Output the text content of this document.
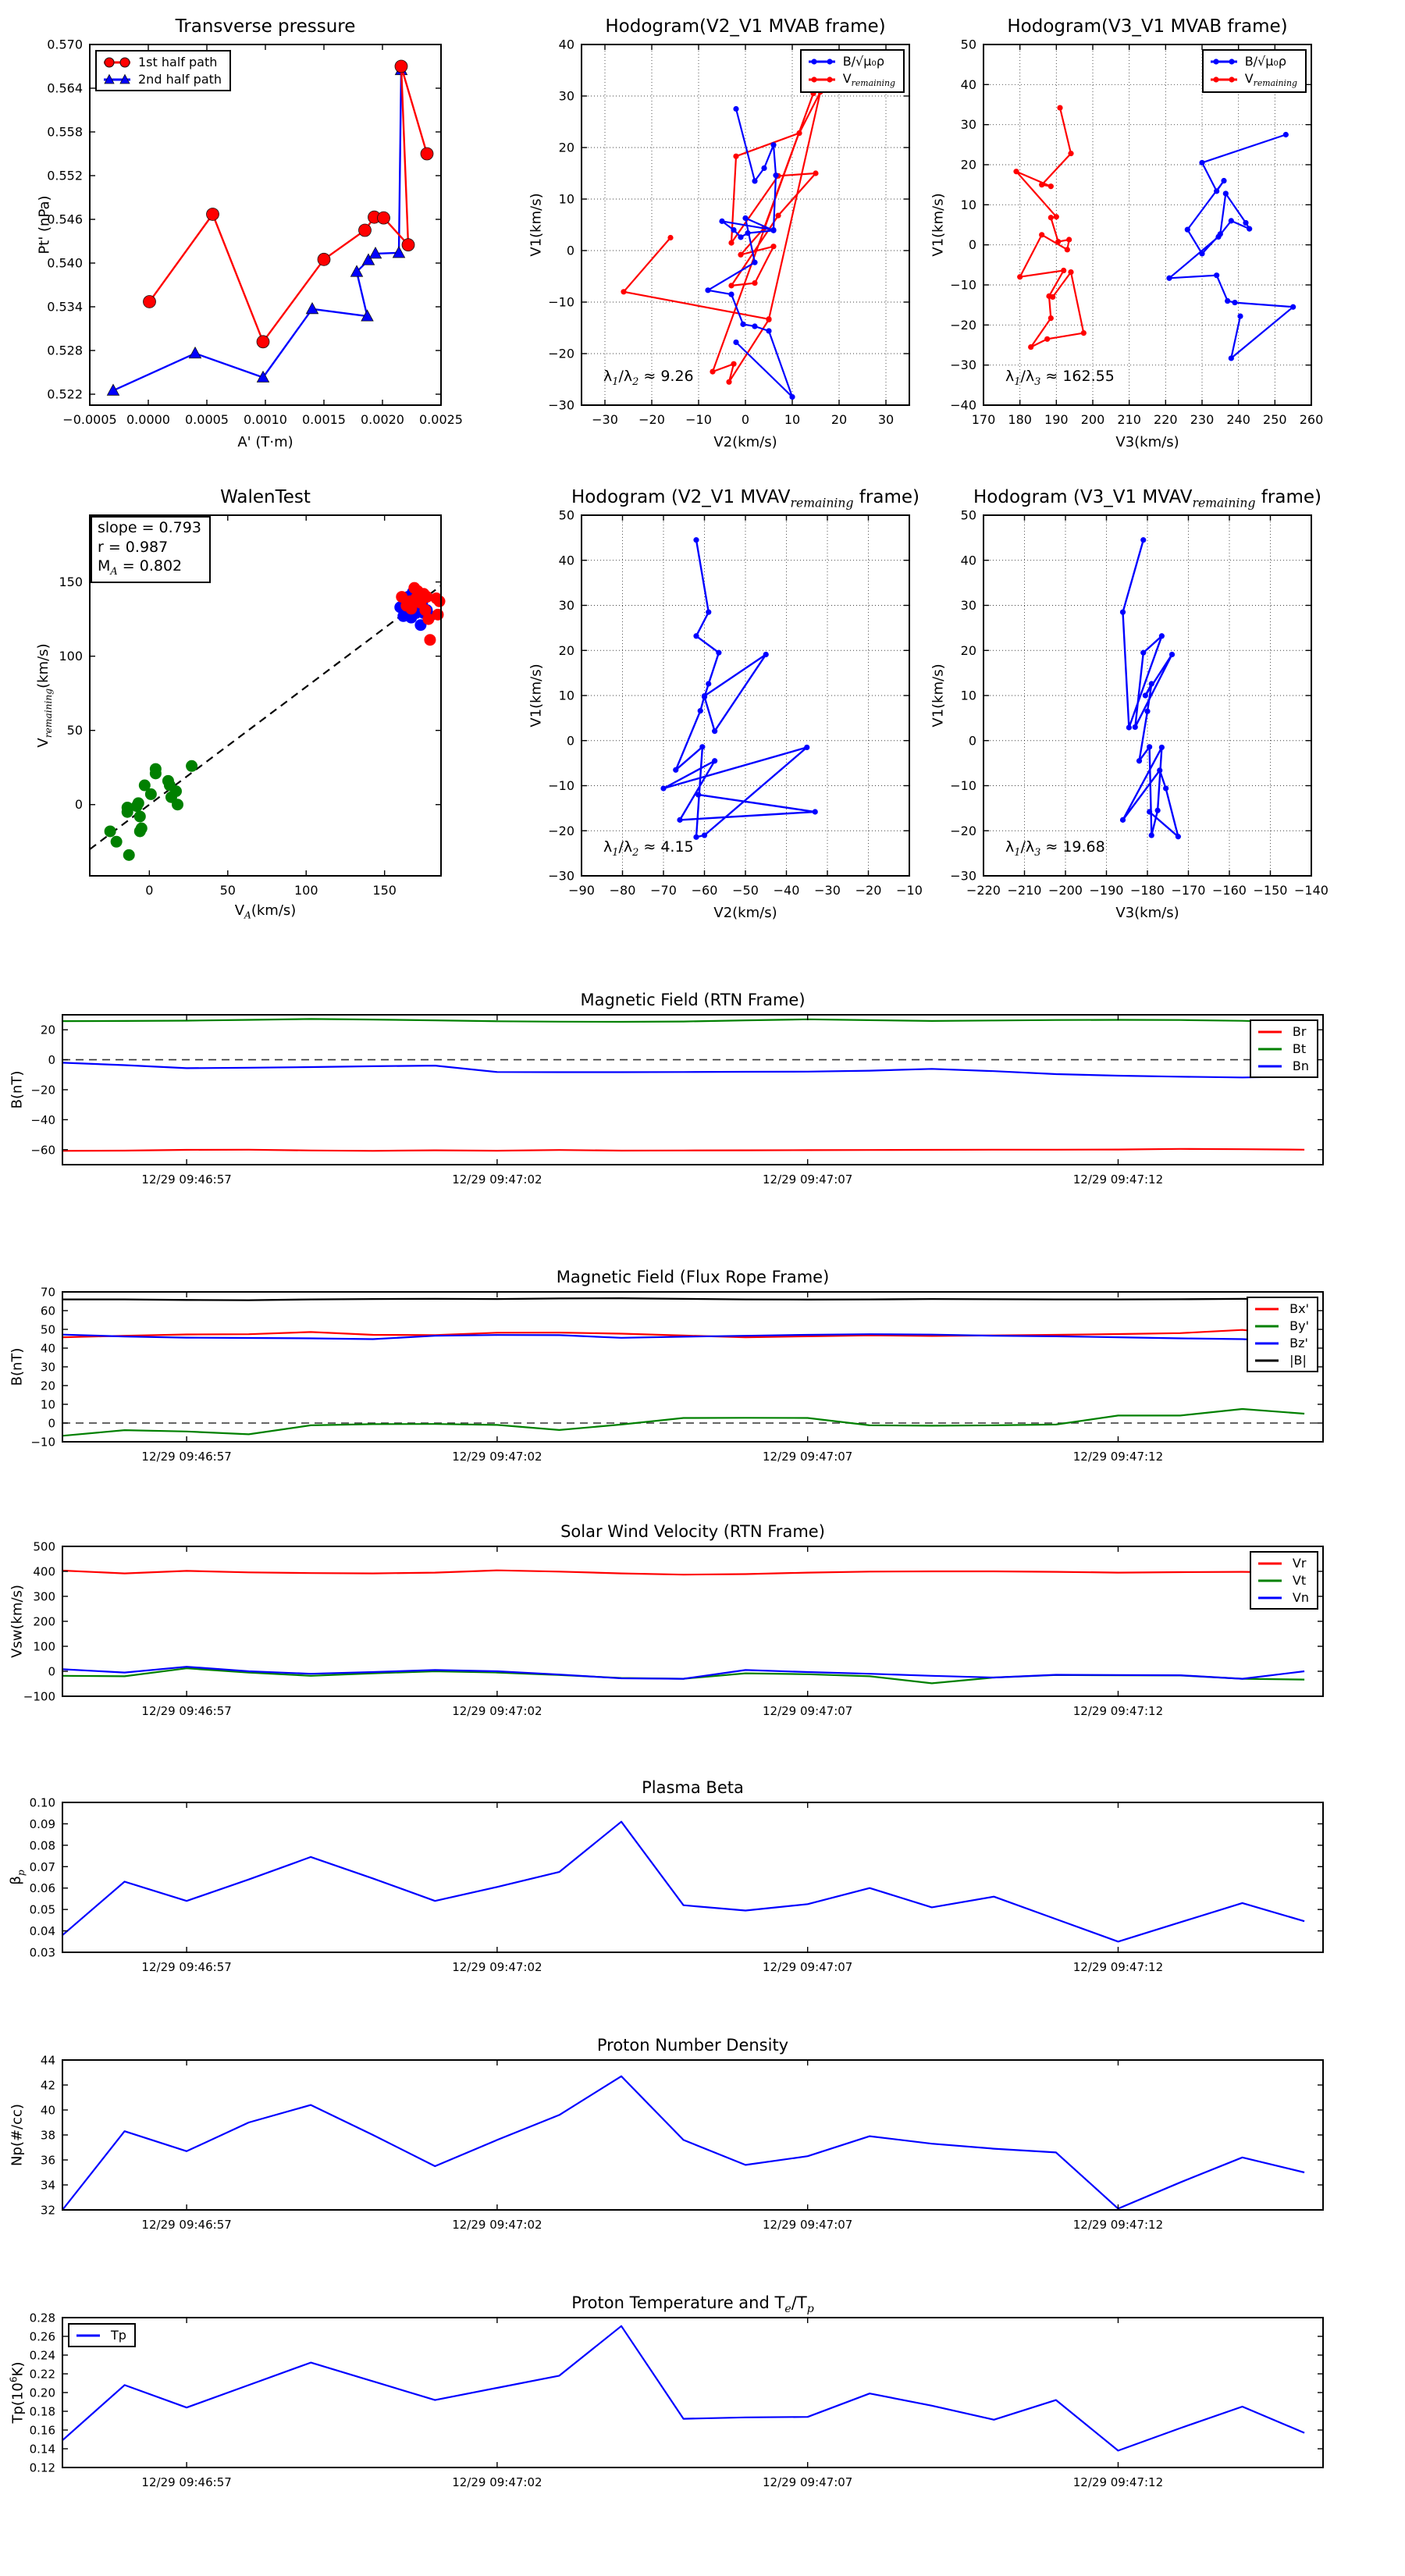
Transverse pressure
Pt' (nPa)
A' (T·m)
−0.0005 0.0000 0.0005 0.0010 0.0015 0.0020 0.0025
0.522
0.528
0.534
0.540
0.546
0.552
0.558
0.564
0.570
1st half path
2nd half path
Hodogram(V2_V1 MVAB frame)
V1(km/s)
V2(km/s)
−30 −20 −10 0	10 20 30
−30
−20
−10
0
10
20
30
40
B/√μ₀ρ
$V_{remaining}$
$\lambda_1/\lambda_2 \approx 9.26$
Hodogram(V3_V1 MVAB frame)
V1(km/s)
V3(km/s)
170 180 190 200 210 220 230 240 250 260
−40
−30
−20
−10
0
10
20
30
40
50
B/√μ₀ρ
$V_{remaining}$
$\lambda_1/\lambda_3 \approx 162.55$
WalenTest
$V_{remaining}(km/s)$
$V_A(km/s)$
0	50	100	150
0
50
100
150
slope = 0.793
r = 0.987
$M_A = 0.802$
Hodogram (V2_V1 $MVAV_{remaining}$ frame)
V1(km/s)
V2(km/s)
−90 −80 −70 −60 −50 −40 −30 −20 −10
−30
−20
−10
0
10
20
30
40
50
$\lambda_1/\lambda_2 \approx 4.15$
Hodogram (V3_V1 $MVAV_{remaining}$ frame)
V1(km/s)
V3(km/s)
−220 −210 −200 −190 −180 −170 −160 −150 −140
−30
−20
−10
0
10
20
30
40
50
$\lambda_1/\lambda_3 \approx 19.68$
Magnetic Field (RTN Frame)
B(nT)
12/29 09:46:57	12/29 09:47:02	12/29 09:47:07	12/29 09:47:12
−60
−40
−20
0
20	Br
Bt
Bn
Magnetic Field (Flux Rope Frame)
B(nT)
12/29 09:46:57	12/29 09:47:02	12/29 09:47:07	12/29 09:47:12
−10
0
10
20
30
40
50
60
70
Bx'
By'
Bz'
|B|
Solar Wind Velocity (RTN Frame)
Vsw(km/s)
12/29 09:46:57	12/29 09:47:02	12/29 09:47:07	12/29 09:47:12
−100
0
100
200
300
400
500
Vr
Vt
Vn
Plasma Beta
$\beta_p$
12/29 09:46:57	12/29 09:47:02	12/29 09:47:07	12/29 09:47:12
0.03
0.04
0.05
0.06
0.07
0.08
0.09
0.10
Proton Number Density
Np(#/cc)
12/29 09:46:57	12/29 09:47:02	12/29 09:47:07	12/29 09:47:12
32
34
36
38
40
42
44
Proton Temperature and $T_e/T_p$
$Tp(10^6K)$
12/29 09:46:57	12/29 09:47:02	12/29 09:47:07	12/29 09:47:12
0.12
0.14
0.16
0.18
0.20
0.22
0.24
0.26
0.28
Tp
